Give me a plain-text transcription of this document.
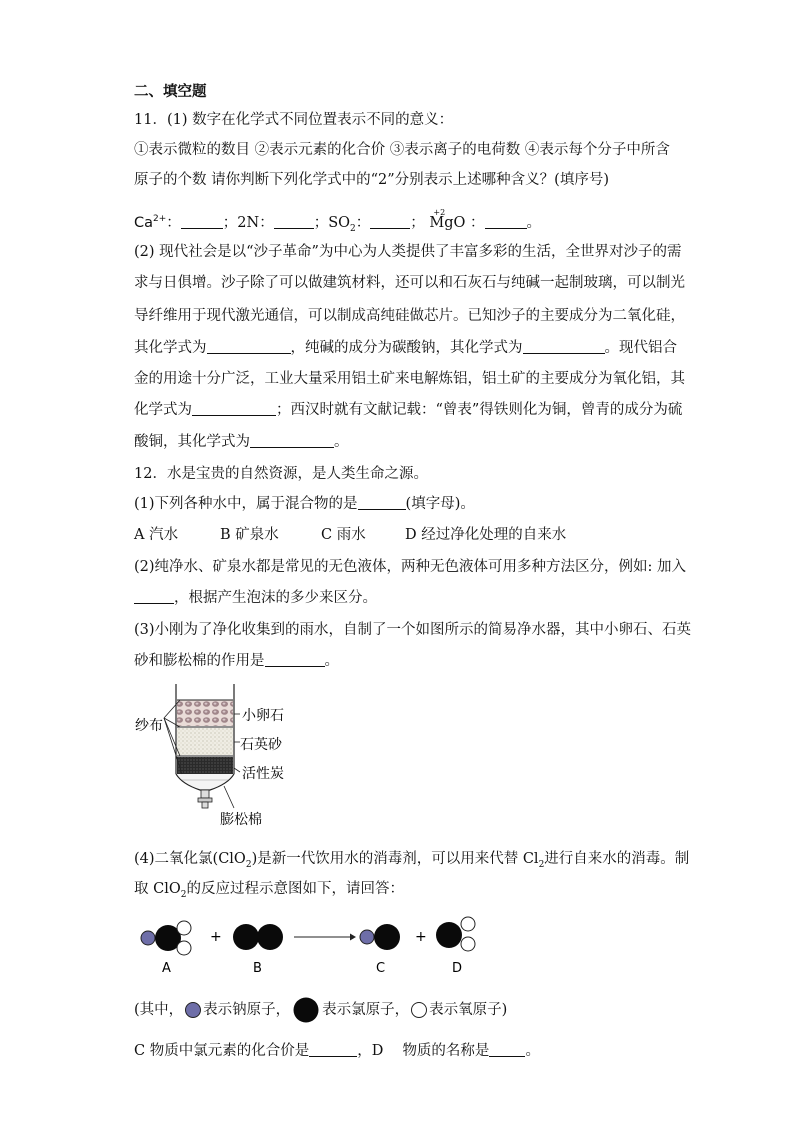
二、填空题
11．(1) 数字在化学式不同位置表示不同的意义：
①表示微粒的数目 ②表示元素的化合价 ③表示离子的电荷数 ④表示每个分子中所含
原子的个数 请你判断下列化学式中的“2”分别表示上述哪种含义？(填序号)
$Ca^{2+}$：	；2N：	；$SO_2$：	；
+2
MgO ：	。
(2) 现代社会是以“沙子革命”为中心为人类提供了丰富多彩的生活，全世界对沙子的需
求与日俱增。沙子除了可以做建筑材料，还可以和石灰石与纯碱一起制玻璃，可以制光
导纤维用于现代激光通信，可以制成高纯硅做芯片。已知沙子的主要成分为二氧化硅，
其化学式为	，纯碱的成分为碳酸钠，其化学式为	。现代铝合
金的用途十分广泛，工业大量采用铝土矿来电解炼铝，铝土矿的主要成分为氧化铝，其
化学式为	；西汉时就有文献记载：“曾表”得铁则化为铜，曾青的成分为硫
酸铜，其化学式为	。
12．水是宝贵的自然资源，是人类生命之源。
(1)下列各种水中，属于混合物的是	(填字母)。
A 汽水	B 矿泉水	C 雨水	D 经过净化处理的自来水
(2)纯净水、矿泉水都是常见的无色液体，两种无色液体可用多种方法区分，例如: 加入
，根据产生泡沫的多少来区分。
(3)小刚为了净化收集到的雨水，自制了一个如图所示的简易净水器，其中小卵石、石英
砂和膨松棉的作用是	。
纱布
小卵石
石英砂
活性炭
膨松棉
(4)二氧化氯(ClO$_2$)是新一代饮用水的消毒剂，可以用来代替 $Cl_2$进行自来水的消毒。制
取 ClO$_2$的反应过程示意图如下，请回答：
+	+
A	B	C	D
(其中， 表示钠原子， 表示氯原子， 表示氧原子)
C 物质中氯元素的化合价是	，D　 物质的名称是 。
